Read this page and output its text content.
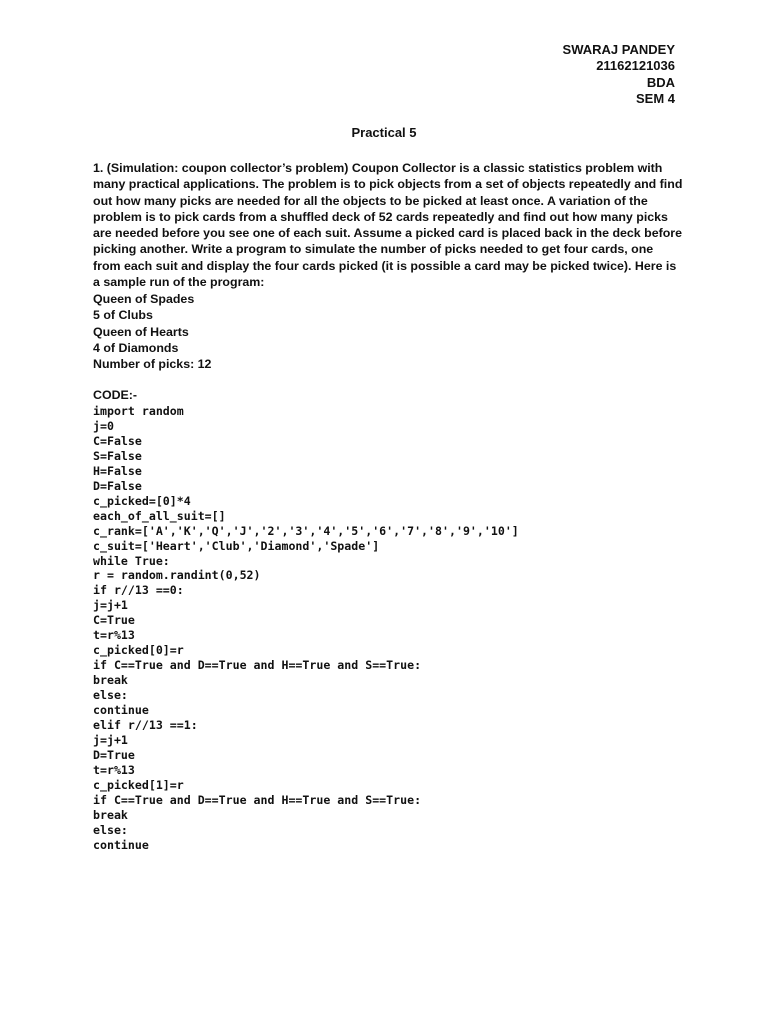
SWARAJ PANDEY
21162121036
BDA
SEM 4
Practical 5

1. (Simulation: coupon collector’s problem) Coupon Collector is a classic statistics problem with many practical applications. The problem is to pick objects from a set of objects repeatedly and find out how many picks are needed for all the objects to be picked at least once. A variation of the problem is to pick cards from a shuffled deck of 52 cards repeatedly and find out how many picks are needed before you see one of each suit. Assume a picked card is placed back in the deck before picking another. Write a program to simulate the number of picks needed to get four cards, one from each suit and display the four cards picked (it is possible a card may be picked twice). Here is a sample run of the program:

Queen of Spades
5 of Clubs
Queen of Hearts
4 of Diamonds
Number of picks: 12
CODE:-
import random
j=0
C=False
S=False
H=False
D=False
c_picked=[0]*4
each_of_all_suit=[]
c_rank=['A','K','Q','J','2','3','4','5','6','7','8','9','10']
c_suit=['Heart','Club','Diamond','Spade']
while True:
r = random.randint(0,52)
if r//13 ==0:
j=j+1
C=True
t=r%13
c_picked[0]=r
if C==True and D==True and H==True and S==True:
break
else:
continue
elif r//13 ==1:
j=j+1
D=True
t=r%13
c_picked[1]=r
if C==True and D==True and H==True and S==True:
break
else:
continue
